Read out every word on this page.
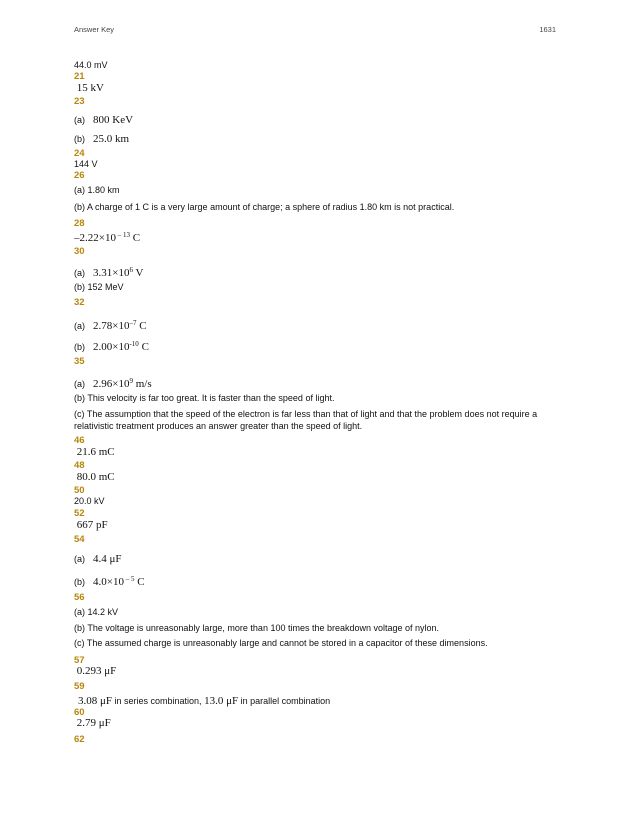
Answer Key	1631
44.0 mV
21
15 kV
23
(a) 800 KeV
(b) 25.0 km
24
144 V
26
(a) 1.80 km
(b) A charge of 1 C is a very large amount of charge; a sphere of radius 1.80 km is not practical.
28
–2.22×10 $^{- 13}$ C
30
(a) $3.31\times 10^6$ V
(b) 152 MeV
32
(a) $2.78\times 10^{-7}$ C
(b) $2.00\times 10^{-10}$ C
35
(a) $2.96\times 10^9$ m/s
(b) This velocity is far too great. It is faster than the speed of light.
(c) The assumption that the speed of the electron is far less than that of light and that the problem does not require a relativistic treatment produces an answer greater than the speed of light.
46
21.6 mC
48
80.0 mC
50
20.0 kV
52
667 pF
54
(a) 4.4 μF
(b) 4.0×10 $^{- 5}$ C
56
(a) 14.2 kV
(b) The voltage is unreasonably large, more than 100 times the breakdown voltage of nylon.
(c) The assumed charge is unreasonably large and cannot be stored in a capacitor of these dimensions.
57
0.293 μF
59
3.08 μF in series combination, 13.0 μF in parallel combination
60
2.79 μF
62
